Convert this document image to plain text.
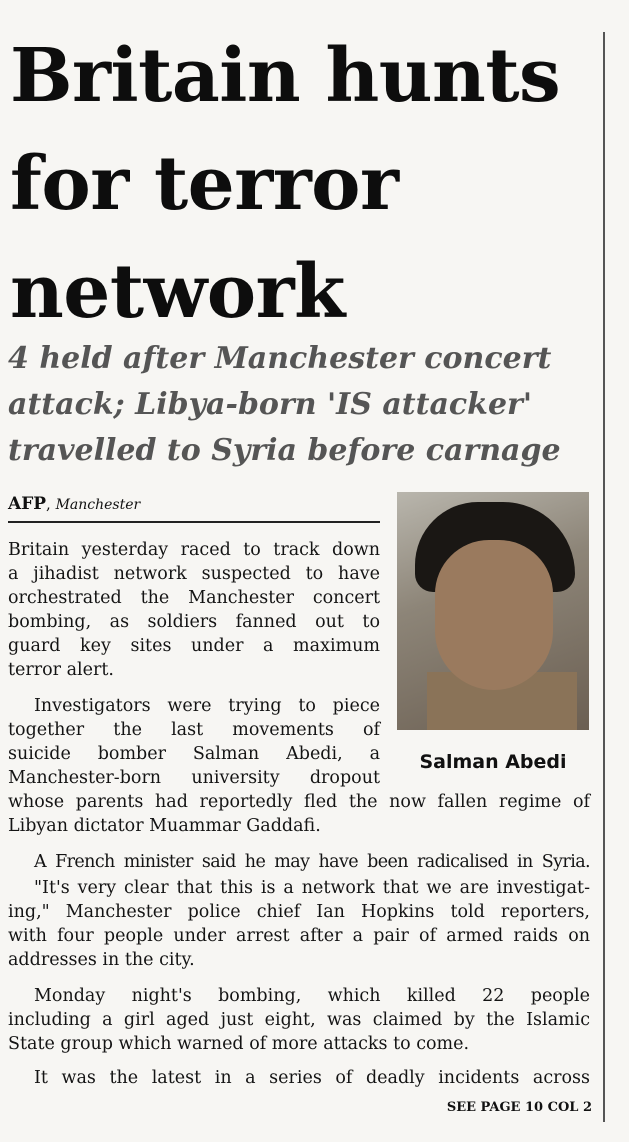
Britain hunts
for terror
network
4 held after Manchester concert
attack; Libya-born 'IS attacker'
travelled to Syria before carnage
AFP, Manchester
Salman Abedi
Britain yesterday raced to track down
a jihadist network suspected to have
orchestrated the Manchester concert
bombing, as soldiers fanned out to
guard key sites under a maximum
terror alert.
Investigators were trying to piece
together the last movements of
suicide bomber Salman Abedi, a
Manchester-born university dropout
whose parents had reportedly fled the now fallen regime of
Libyan dictator Muammar Gaddafi.
A French minister said he may have been radicalised in Syria.
"It's very clear that this is a network that we are investigat-
ing," Manchester police chief Ian Hopkins told reporters,
with four people under arrest after a pair of armed raids on
addresses in the city.
Monday night's bombing, which killed 22 people
including a girl aged just eight, was claimed by the Islamic
State group which warned of more attacks to come.
It was the latest in a series of deadly incidents across
SEE PAGE 10 COL 2
